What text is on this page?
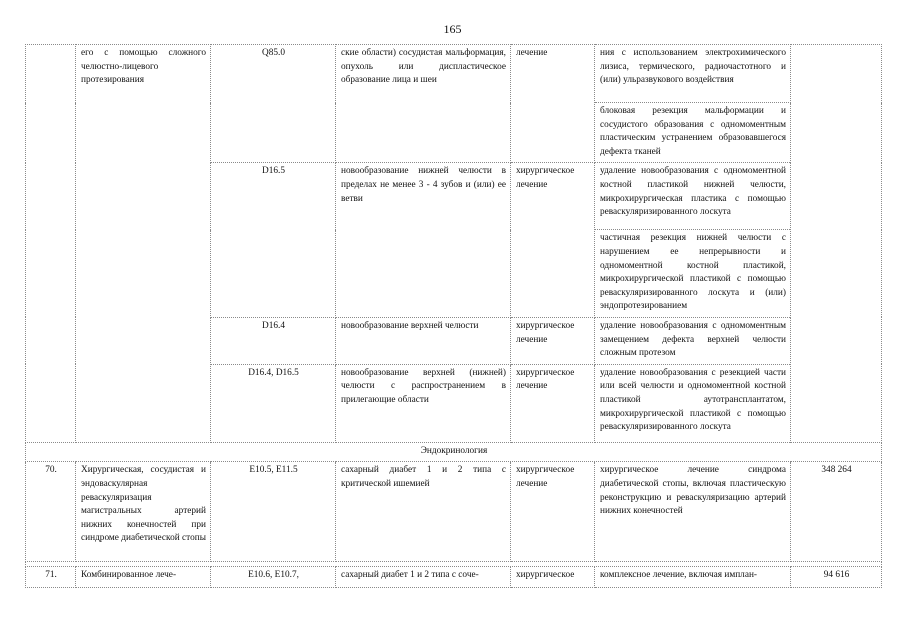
165
	его с помощью сложного челюстно-лицевого протезирования	Q85.0	ские области) сосудистая мальформация, опухоль или диспластическое образование лица и шеи	лечение	ния с использованием электрохимического лизиса, термического, радиочастотного и (или) ульразвукового воздействия	
					блоковая резекция мальформации и сосудистого образования с одномоментным пластическим устранением образовавшегося дефекта тканей	
		D16.5	новообразование нижней челюсти в пределах не менее 3 - 4 зубов и (или) ее ветви	хирургическое лечение	удаление новообразования с одномоментной костной пластикой нижней челюсти, микрохирургическая пластика с помощью реваскуляризированного лоскута	
					частичная резекция нижней челюсти с нарушением ее непрерывности и одномоментной костной пластикой, микрохирургической пластикой с помощью реваскуляризированного лоскута и (или) эндопротезированием	
		D16.4	новообразование верхней челюсти	хирургическое лечение	удаление новообразования с одномоментным замещением дефекта верхней челюсти сложным протезом	
		D16.4, D16.5	новообразование верхней (нижней) челюсти с распространением в прилегающие области	хирургическое лечение	удаление новообразования с резекцией части или всей челюсти и одномоментной костной пластикой аутотрансплантатом, микрохирургической пластикой с помощью реваскуляризированного лоскута	
Эндокринология						
70.	Хирургическая, сосудистая и эндоваскулярная реваскуляризация магистральных артерий нижних конечностей при синдроме диабетической стопы	E10.5, E11.5	сахарный диабет 1 и 2 типа с критической ишемией	хирургическое лечение	хирургическое лечение синдрома диабетической стопы, включая пластическую реконструкцию и реваскуляризацию артерий нижних конечностей	348 264

71.	Комбинированное лече-	E10.6, E10.7,	сахарный диабет 1 и 2 типа с соче-	хирургическое	комплексное лечение, включая имплан-	94 616
